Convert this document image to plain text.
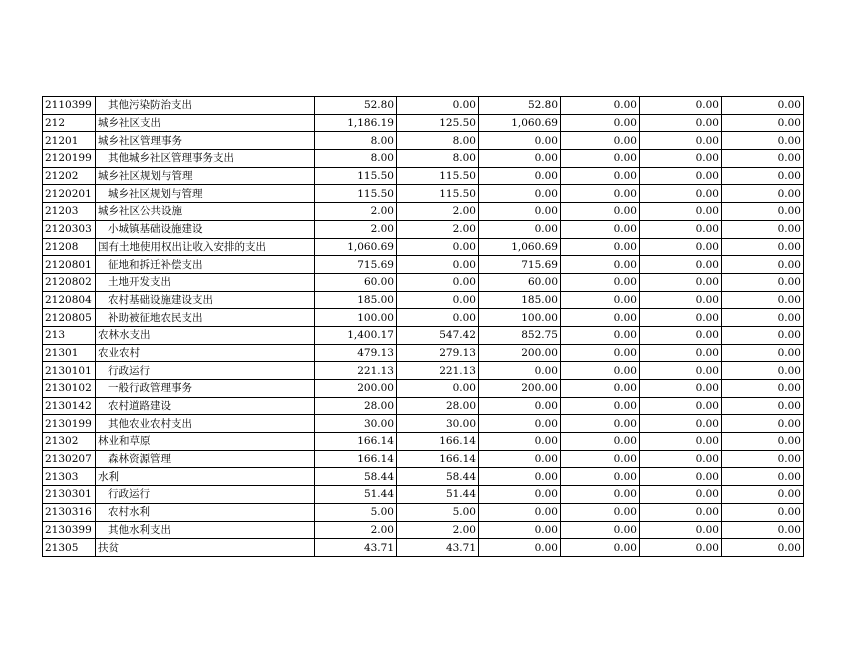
2110399	其他污染防治支出	52.80	0.00	52.80	0.00	0.00	0.00
212	城乡社区支出	1,186.19	125.50	1,060.69	0.00	0.00	0.00
21201	城乡社区管理事务	8.00	8.00	0.00	0.00	0.00	0.00
2120199	其他城乡社区管理事务支出	8.00	8.00	0.00	0.00	0.00	0.00
21202	城乡社区规划与管理	115.50	115.50	0.00	0.00	0.00	0.00
2120201	城乡社区规划与管理	115.50	115.50	0.00	0.00	0.00	0.00
21203	城乡社区公共设施	2.00	2.00	0.00	0.00	0.00	0.00
2120303	小城镇基础设施建设	2.00	2.00	0.00	0.00	0.00	0.00
21208	国有土地使用权出让收入安排的支出	1,060.69	0.00	1,060.69	0.00	0.00	0.00
2120801	征地和拆迁补偿支出	715.69	0.00	715.69	0.00	0.00	0.00
2120802	土地开发支出	60.00	0.00	60.00	0.00	0.00	0.00
2120804	农村基础设施建设支出	185.00	0.00	185.00	0.00	0.00	0.00
2120805	补助被征地农民支出	100.00	0.00	100.00	0.00	0.00	0.00
213	农林水支出	1,400.17	547.42	852.75	0.00	0.00	0.00
21301	农业农村	479.13	279.13	200.00	0.00	0.00	0.00
2130101	行政运行	221.13	221.13	0.00	0.00	0.00	0.00
2130102	一般行政管理事务	200.00	0.00	200.00	0.00	0.00	0.00
2130142	农村道路建设	28.00	28.00	0.00	0.00	0.00	0.00
2130199	其他农业农村支出	30.00	30.00	0.00	0.00	0.00	0.00
21302	林业和草原	166.14	166.14	0.00	0.00	0.00	0.00
2130207	森林资源管理	166.14	166.14	0.00	0.00	0.00	0.00
21303	水利	58.44	58.44	0.00	0.00	0.00	0.00
2130301	行政运行	51.44	51.44	0.00	0.00	0.00	0.00
2130316	农村水利	5.00	5.00	0.00	0.00	0.00	0.00
2130399	其他水利支出	2.00	2.00	0.00	0.00	0.00	0.00
21305	扶贫	43.71	43.71	0.00	0.00	0.00	0.00
